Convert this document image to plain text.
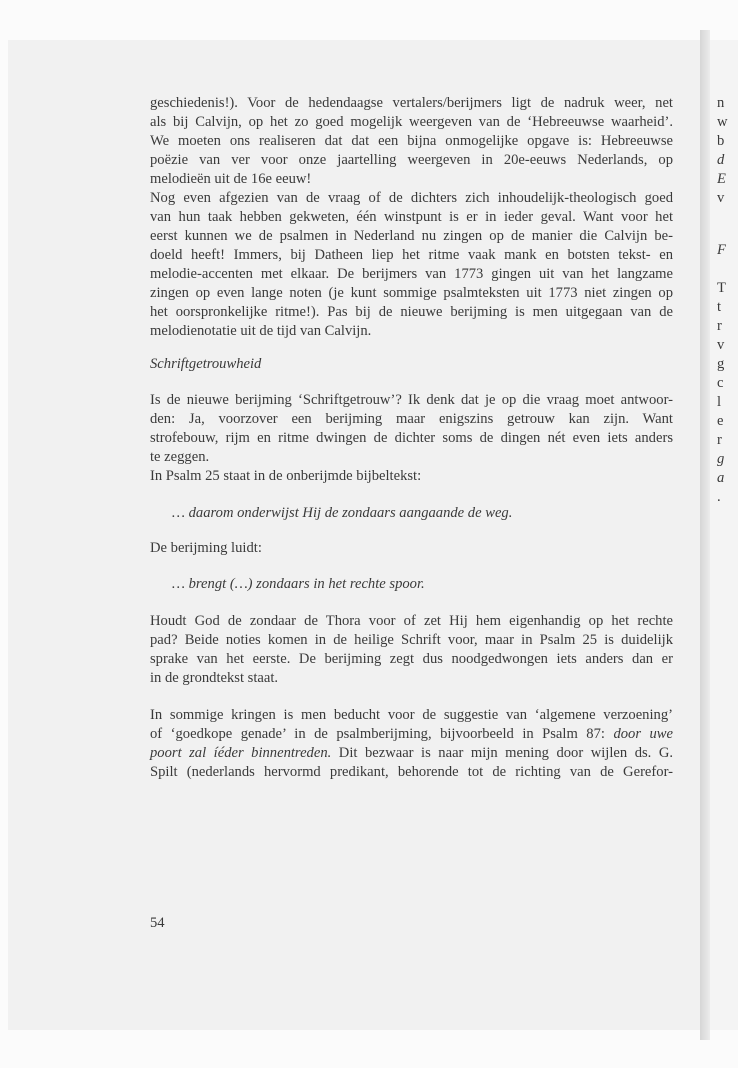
geschiedenis!). Voor de hedendaagse vertalers/berijmers ligt de nadruk weer, net
als bij Calvijn, op het zo goed mogelijk weergeven van de ‘Hebreeuwse waarheid’.
We moeten ons realiseren dat dat een bijna onmogelijke opgave is: Hebreeuwse
poëzie van ver voor onze jaartelling weergeven in 20e-eeuws Nederlands, op
melodieën uit de 16e eeuw!
Nog even afgezien van de vraag of de dichters zich inhoudelijk-theologisch goed
van hun taak hebben gekweten, één winstpunt is er in ieder geval. Want voor het
eerst kunnen we de psalmen in Nederland nu zingen op de manier die Calvijn be-
doeld heeft! Immers, bij Datheen liep het ritme vaak mank en botsten tekst- en
melodie-accenten met elkaar. De berijmers van 1773 gingen uit van het langzame
zingen op even lange noten (je kunt sommige psalmteksten uit 1773 niet zingen op
het oorspronkelijke ritme!). Pas bij de nieuwe berijming is men uitgegaan van de
melodienotatie uit de tijd van Calvijn.
Schriftgetrouwheid
Is de nieuwe berijming ‘Schriftgetrouw’? Ik denk dat je op die vraag moet antwoor-
den: Ja, voorzover een berijming maar enigszins getrouw kan zijn. Want
strofebouw, rijm en ritme dwingen de dichter soms de dingen nét even iets anders
te zeggen.
In Psalm 25 staat in de onberijmde bijbeltekst:
… daarom onderwijst Hij de zondaars aangaande de weg.
De berijming luidt:
… brengt (…) zondaars in het rechte spoor.
Houdt God de zondaar de Thora voor of zet Hij hem eigenhandig op het rechte
pad? Beide noties komen in de heilige Schrift voor, maar in Psalm 25 is duidelijk
sprake van het eerste. De berijming zegt dus noodgedwongen iets anders dan er
in de grondtekst staat.
In sommige kringen is men beducht voor de suggestie van ‘algemene verzoening’
of ‘goedkope genade’ in de psalmberijming, bijvoorbeeld in Psalm 87: door uwe
poort zal íéder binnentreden. Dit bezwaar is naar mijn mening door wijlen ds. G.
Spilt (nederlands hervormd predikant, behorende tot de richting van de Gerefor-
54
n
w
b
d
E
v
F
T
t
r
v
g
c
l
e
r
g
a
.
